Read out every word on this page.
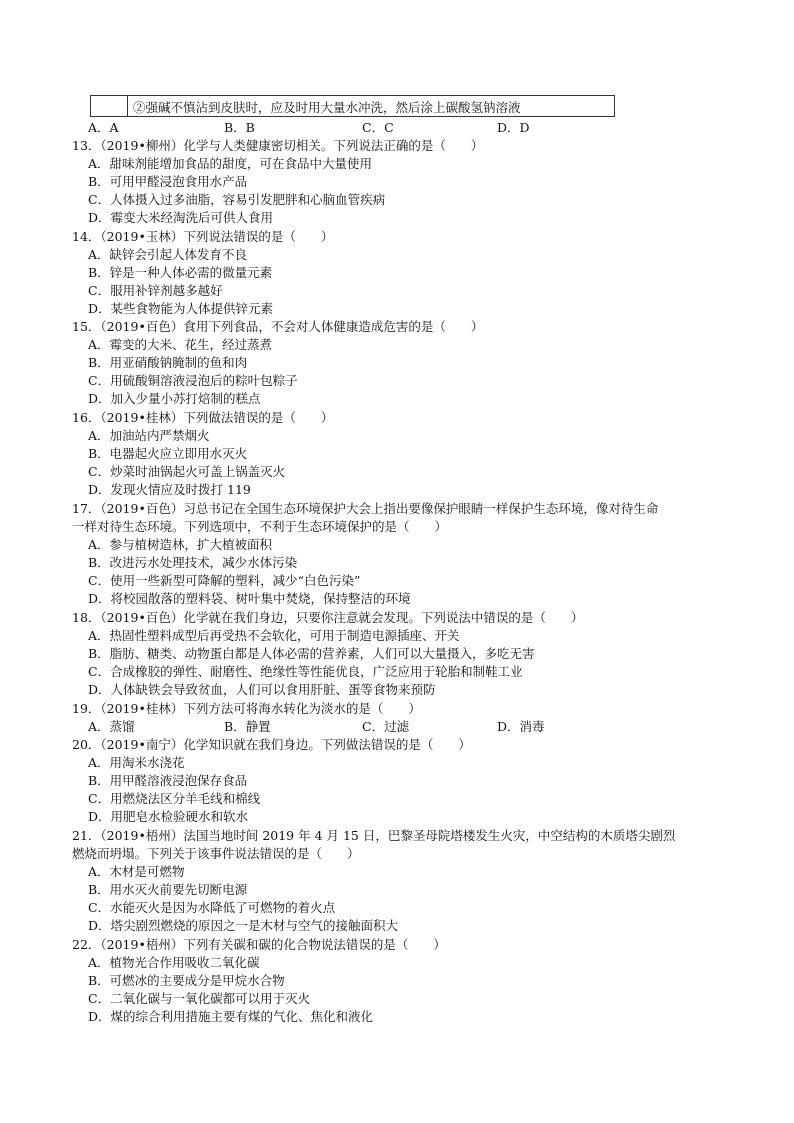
②强碱不慎沾到皮肤时，应及时用大量水冲洗，然后涂上碳酸氢钠溶液
A．A	B．B	C．C	D．D
13．（2019•柳州）化学与人类健康密切相关。下列说法正确的是（　　）
A．甜味剂能增加食品的甜度，可在食品中大量使用
B．可用甲醛浸泡食用水产品
C．人体摄入过多油脂，容易引发肥胖和心脑血管疾病
D．霉变大米经淘洗后可供人食用
14．（2019•玉林）下列说法错误的是（　　）
A．缺锌会引起人体发育不良
B．锌是一种人体必需的微量元素
C．服用补锌剂越多越好
D．某些食物能为人体提供锌元素
15．（2019•百色）食用下列食品，不会对人体健康造成危害的是（　　）
A．霉变的大米、花生，经过蒸煮
B．用亚硝酸钠腌制的鱼和肉
C．用硫酸铜溶液浸泡后的粽叶包粽子
D．加入少量小苏打焙制的糕点
16．（2019•桂林）下列做法错误的是（　　）
A．加油站内严禁烟火
B．电器起火应立即用水灭火
C．炒菜时油锅起火可盖上锅盖灭火
D．发现火情应及时拨打 119
17．（2019•百色）习总书记在全国生态环境保护大会上指出要像保护眼睛一样保护生态环境，像对待生命
一样对待生态环境。下列选项中，不利于生态环境保护的是（　　）
A．参与植树造林，扩大植被面积
B．改进污水处理技术，减少水体污染
C．使用一些新型可降解的塑料，减少“白色污染”
D．将校园散落的塑料袋、树叶集中焚烧，保持整洁的环境
18．（2019•百色）化学就在我们身边，只要你注意就会发现。下列说法中错误的是（　　）
A．热固性塑料成型后再受热不会软化，可用于制造电源插座、开关
B．脂肪、糖类、动物蛋白都是人体必需的营养素，人们可以大量摄入，多吃无害
C．合成橡胶的弹性、耐磨性、绝缘性等性能优良，广泛应用于轮胎和制鞋工业
D．人体缺铁会导致贫血，人们可以食用肝脏、蛋等食物来预防
19．（2019•桂林）下列方法可将海水转化为淡水的是（　　）
A．蒸馏	B．静置	C．过滤	D．消毒
20．（2019•南宁）化学知识就在我们身边。下列做法错误的是（　　）
A．用淘米水浇花
B．用甲醛溶液浸泡保存食品
C．用燃烧法区分羊毛线和棉线
D．用肥皂水检验硬水和软水
21．（2019•梧州）法国当地时间 2019 年 4 月 15 日，巴黎圣母院塔楼发生火灾，中空结构的木质塔尖剧烈
燃烧而坍塌。下列关于该事件说法错误的是（　　）
A．木材是可燃物
B．用水灭火前要先切断电源
C．水能灭火是因为水降低了可燃物的着火点
D．塔尖剧烈燃烧的原因之一是木材与空气的接触面积大
22．（2019•梧州）下列有关碳和碳的化合物说法错误的是（　　）
A．植物光合作用吸收二氧化碳
B．可燃冰的主要成分是甲烷水合物
C．二氧化碳与一氧化碳都可以用于灭火
D．煤的综合利用措施主要有煤的气化、焦化和液化
